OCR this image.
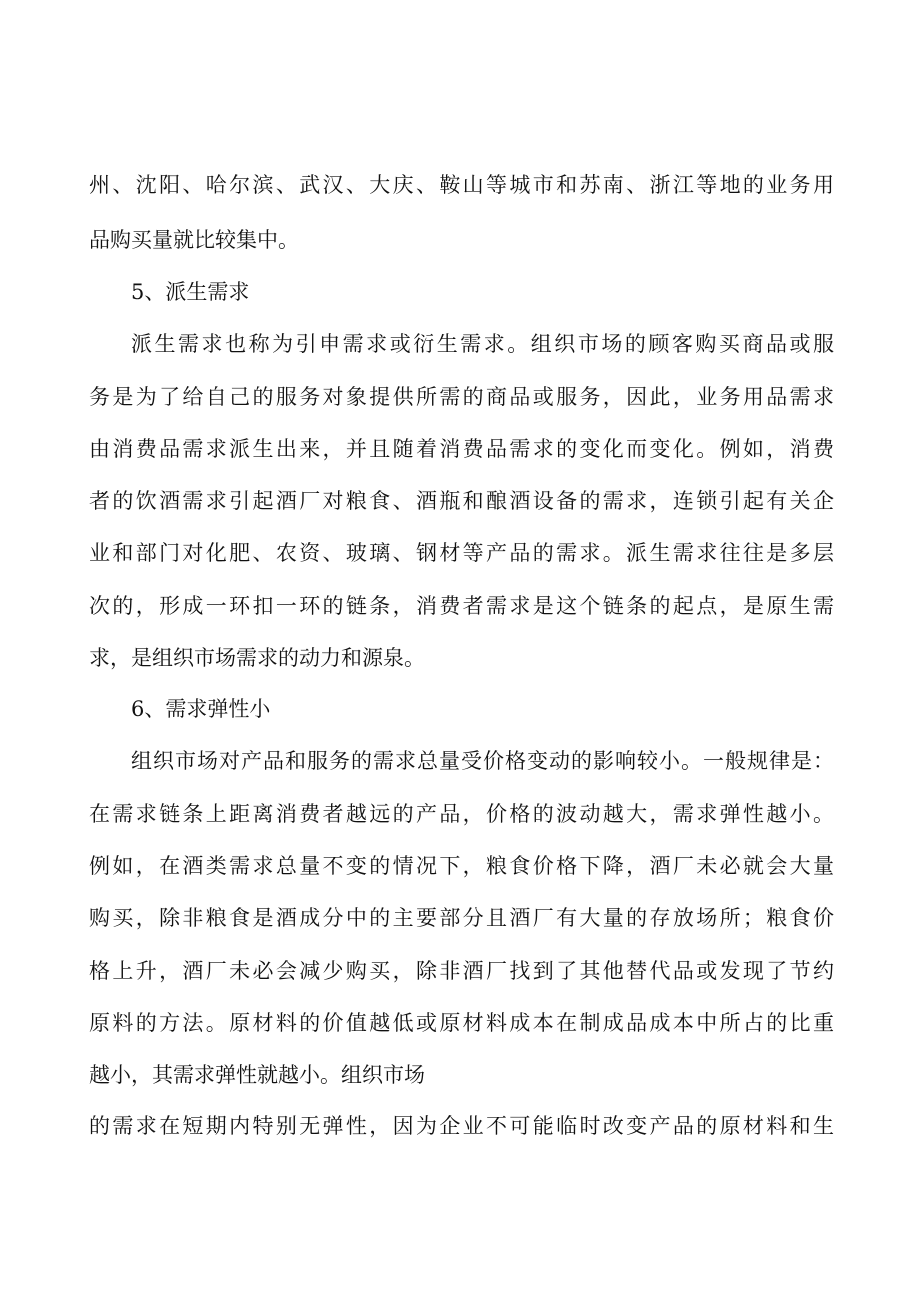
州、沈阳、哈尔滨、武汉、大庆、鞍山等城市和苏南、浙江等地的业务用
品购买量就比较集中。
5、派生需求
派生需求也称为引申需求或衍生需求。组织市场的顾客购买商品或服
务是为了给自己的服务对象提供所需的商品或服务，因此，业务用品需求
由消费品需求派生出来，并且随着消费品需求的变化而变化。例如，消费
者的饮酒需求引起酒厂对粮食、酒瓶和酿酒设备的需求，连锁引起有关企
业和部门对化肥、农资、玻璃、钢材等产品的需求。派生需求往往是多层
次的，形成一环扣一环的链条，消费者需求是这个链条的起点，是原生需
求，是组织市场需求的动力和源泉。
6、需求弹性小
组织市场对产品和服务的需求总量受价格变动的影响较小。一般规律是：
在需求链条上距离消费者越远的产品，价格的波动越大，需求弹性越小。
例如，在酒类需求总量不变的情况下，粮食价格下降，酒厂未必就会大量
购买，除非粮食是酒成分中的主要部分且酒厂有大量的存放场所；粮食价
格上升，酒厂未必会减少购买，除非酒厂找到了其他替代品或发现了节约
原料的方法。原材料的价值越低或原材料成本在制成品成本中所占的比重
越小，其需求弹性就越小。组织市场
的需求在短期内特别无弹性，因为企业不可能临时改变产品的原材料和生
